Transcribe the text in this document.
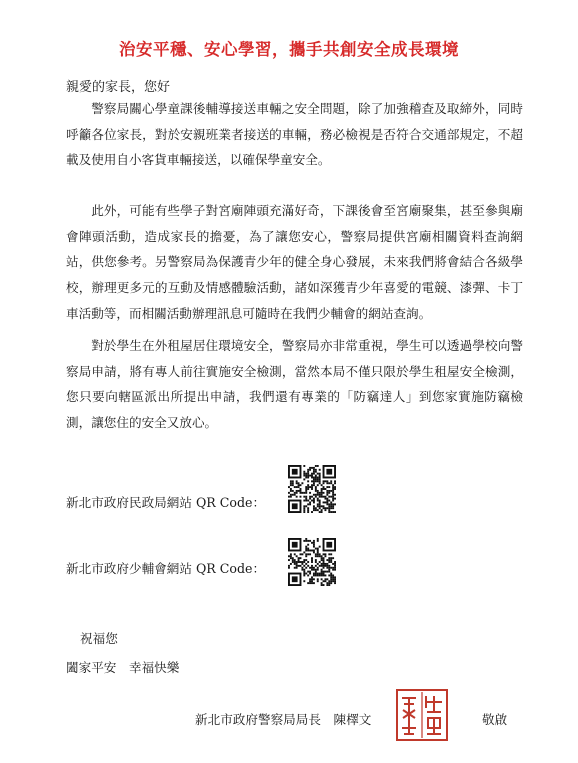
治安平穩、安心學習，攜手共創安全成長環境
親愛的家長，您好

警察局關心學童課後輔導接送車輛之安全問題，除了加強稽查及取締外，同時呼籲各位家長，對於安親班業者接送的車輛，務必檢視是否符合交通部規定，不超載及使用自小客貨車輛接送，以確保學童安全。

此外，可能有些學子對宮廟陣頭充滿好奇，下課後會至宮廟聚集，甚至參與廟會陣頭活動，造成家長的擔憂，為了讓您安心，警察局提供宮廟相關資料查詢網站，供您參考。另警察局為保護青少年的健全身心發展，未來我們將會結合各級學校，辦理更多元的互動及情感體驗活動，諸如深獲青少年喜愛的電競、漆彈、卡丁車活動等，而相關活動辦理訊息可隨時在我們少輔會的網站查詢。

對於學生在外租屋居住環境安全，警察局亦非常重視，學生可以透過學校向警察局申請，將有專人前往實施安全檢測，當然本局不僅只限於學生租屋安全檢測，您只要向轄區派出所提出申請，我們還有專業的「防竊達人」到您家實施防竊檢測，讓您住的安全又放心。

新北市政府民政局網站 QR Code：
新北市政府少輔會網站 QR Code：
祝福您
闔家平安　幸福快樂
新北市政府警察局局長　陳檡文	敬啟
